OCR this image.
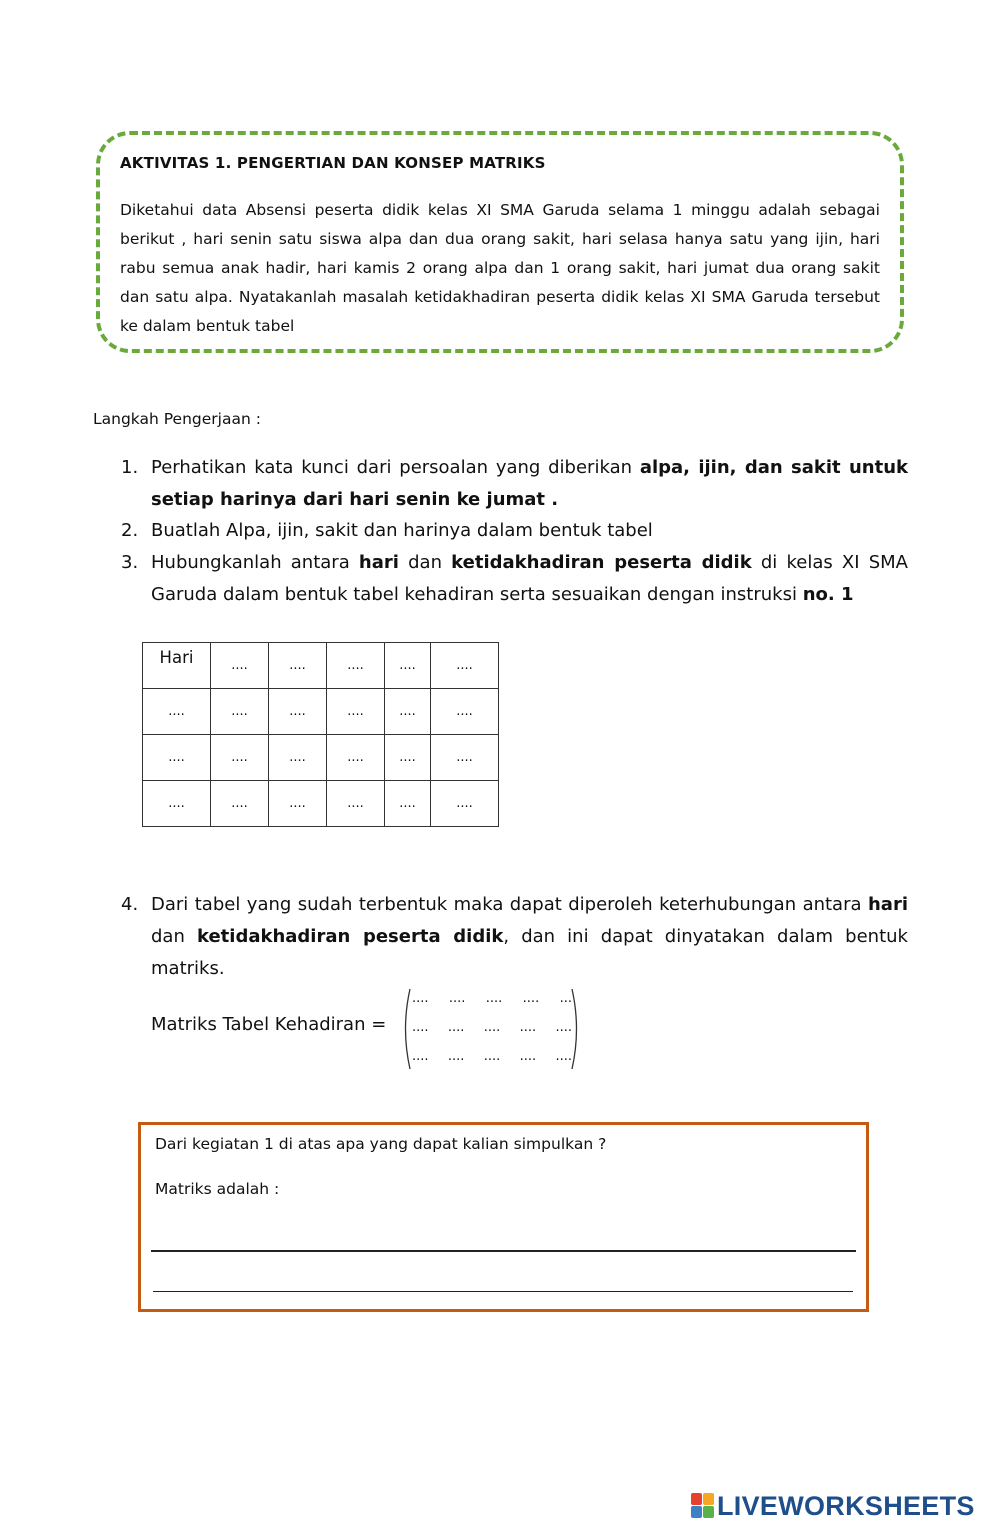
AKTIVITAS 1. PENGERTIAN DAN KONSEP MATRIKS
Diketahui data Absensi peserta didik kelas XI SMA Garuda selama 1 minggu adalah sebagai berikut , hari senin satu siswa alpa dan dua orang sakit, hari selasa hanya satu yang ijin, hari rabu semua anak hadir, hari kamis 2 orang alpa dan 1 orang sakit, hari jumat dua orang sakit dan satu alpa. Nyatakanlah masalah ketidakhadiran peserta didik kelas XI SMA Garuda tersebut ke dalam bentuk tabel
Langkah Pengerjaan :
1. Perhatikan kata kunci dari persoalan yang diberikan alpa, ijin, dan sakit untuk setiap harinya dari hari senin ke jumat .
2. Buatlah Alpa, ijin, sakit dan harinya dalam bentuk tabel
3. Hubungkanlah antara hari dan ketidakhadiran peserta didik di kelas XI SMA Garuda dalam bentuk tabel kehadiran serta sesuaikan dengan instruksi no. 1
Hari	....	....	....	....	....
....	....	....	....	....	....
....	....	....	....	....	....
....	....	....	....	....	....
4. Dari tabel yang sudah terbentuk maka dapat diperoleh keterhubungan antara hari dan ketidakhadiran peserta didik, dan ini dapat dinyatakan dalam bentuk matriks.
Matriks Tabel Kehadiran =
.... .... .... .... ...
.... .... .... .... ....
.... .... .... .... ....
Dari kegiatan 1 di atas apa yang dapat kalian simpulkan ?
Matriks adalah :
LIVEWORKSHEETS
